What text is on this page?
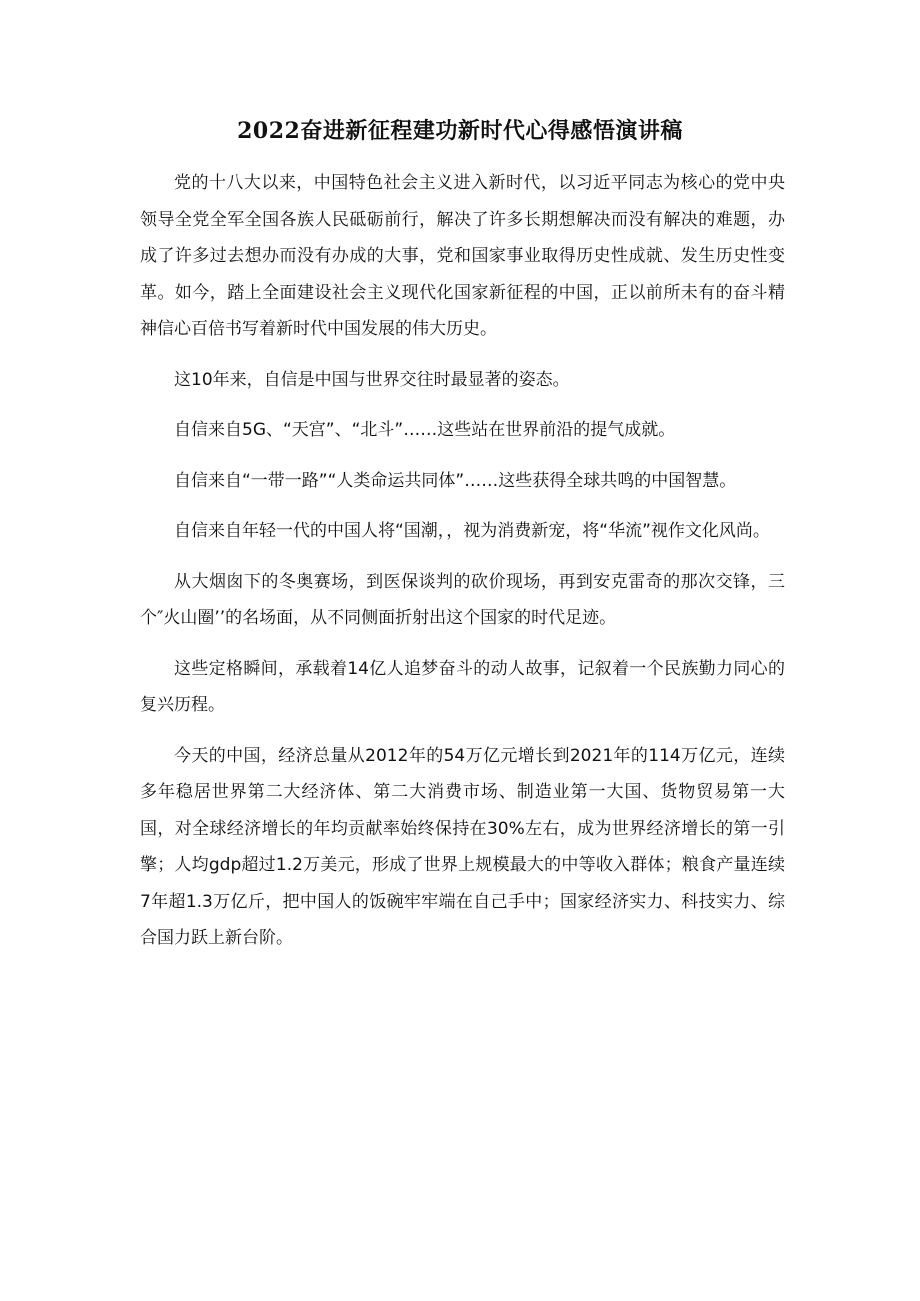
2022奋进新征程建功新时代心得感悟演讲稿

党的十八大以来，中国特色社会主义进入新时代，以习近平同志为核心的党中央领导全党全军全国各族人民砥砺前行，解决了许多长期想解决而没有解决的难题，办成了许多过去想办而没有办成的大事，党和国家事业取得历史性成就、发生历史性变革。如今，踏上全面建设社会主义现代化国家新征程的中国，正以前所未有的奋斗精神信心百倍书写着新时代中国发展的伟大历史。

这10年来，自信是中国与世界交往时最显著的姿态。

自信来自5G、“天宫”、“北斗”……这些站在世界前沿的提气成就。

自信来自“一带一路”“人类命运共同体”……这些获得全球共鸣的中国智慧。

自信来自年轻一代的中国人将“国潮，，视为消费新宠，将“华流”视作文化风尚。

从大烟囱下的冬奥赛场，到医保谈判的砍价现场，再到安克雷奇的那次交锋，三个″火山圈’’的名场面，从不同侧面折射出这个国家的时代足迹。

这些定格瞬间，承载着14亿人追梦奋斗的动人故事，记叙着一个民族勤力同心的复兴历程。

今天的中国，经济总量从2012年的54万亿元增长到2021年的114万亿元，连续多年稳居世界第二大经济体、第二大消费市场、制造业第一大国、货物贸易第一大国，对全球经济增长的年均贡献率始终保持在30%左右，成为世界经济增长的第一引擎；人均gdp超过1.2万美元，形成了世界上规模最大的中等收入群体；粮食产量连续7年超1.3万亿斤，把中国人的饭碗牢牢端在自己手中；国家经济实力、科技实力、综合国力跃上新台阶。
